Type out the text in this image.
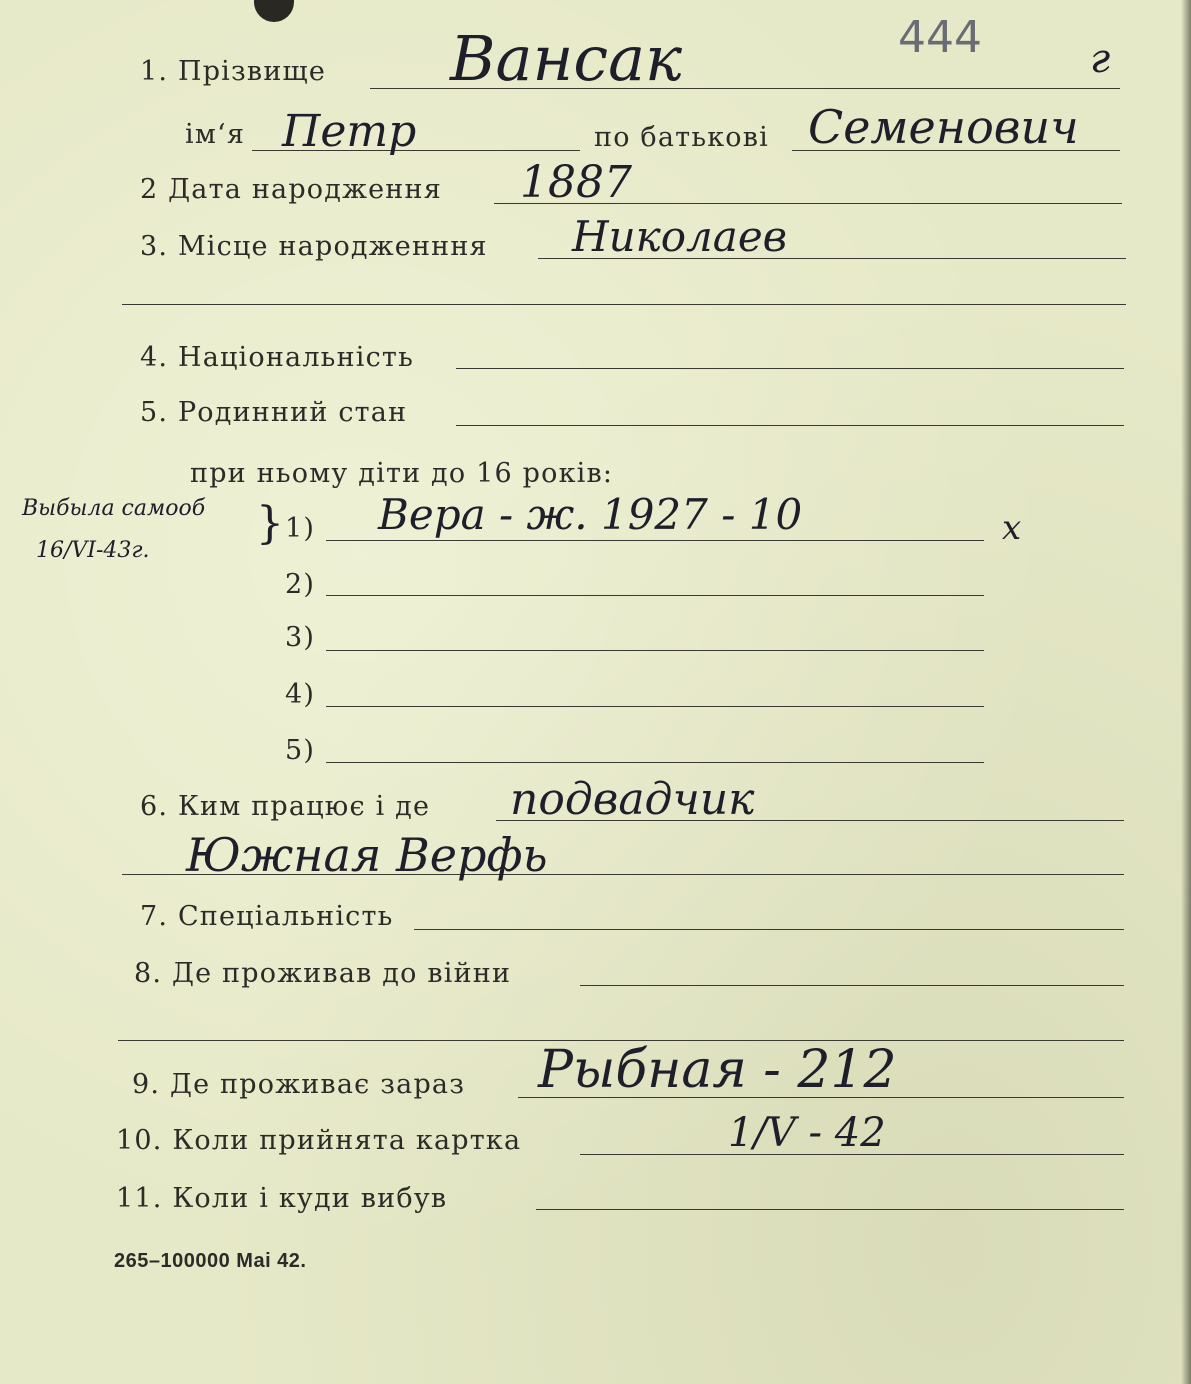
1. Прізвище Вансак	444	г
ім‘я Петр	по батькові Семенович
2 Дата народження 1887
3. Місце народженння Николаев
4. Національність
5. Родинний стан
при ньому діти до 16 років:
Выбыла самооб
16/VI-43г.
} 1) Вера - ж. 1927 - 10	х
2)
3)
4)
5)
6. Ким працює і де подвадчик
Южная Верфь
7. Спеціальність
8. Де проживав до війни
9. Де проживає зараз Рыбная - 212
10. Коли прийнята картка	1/V - 42
11. Коли і куди вибув
265–100000 Mai 42.
